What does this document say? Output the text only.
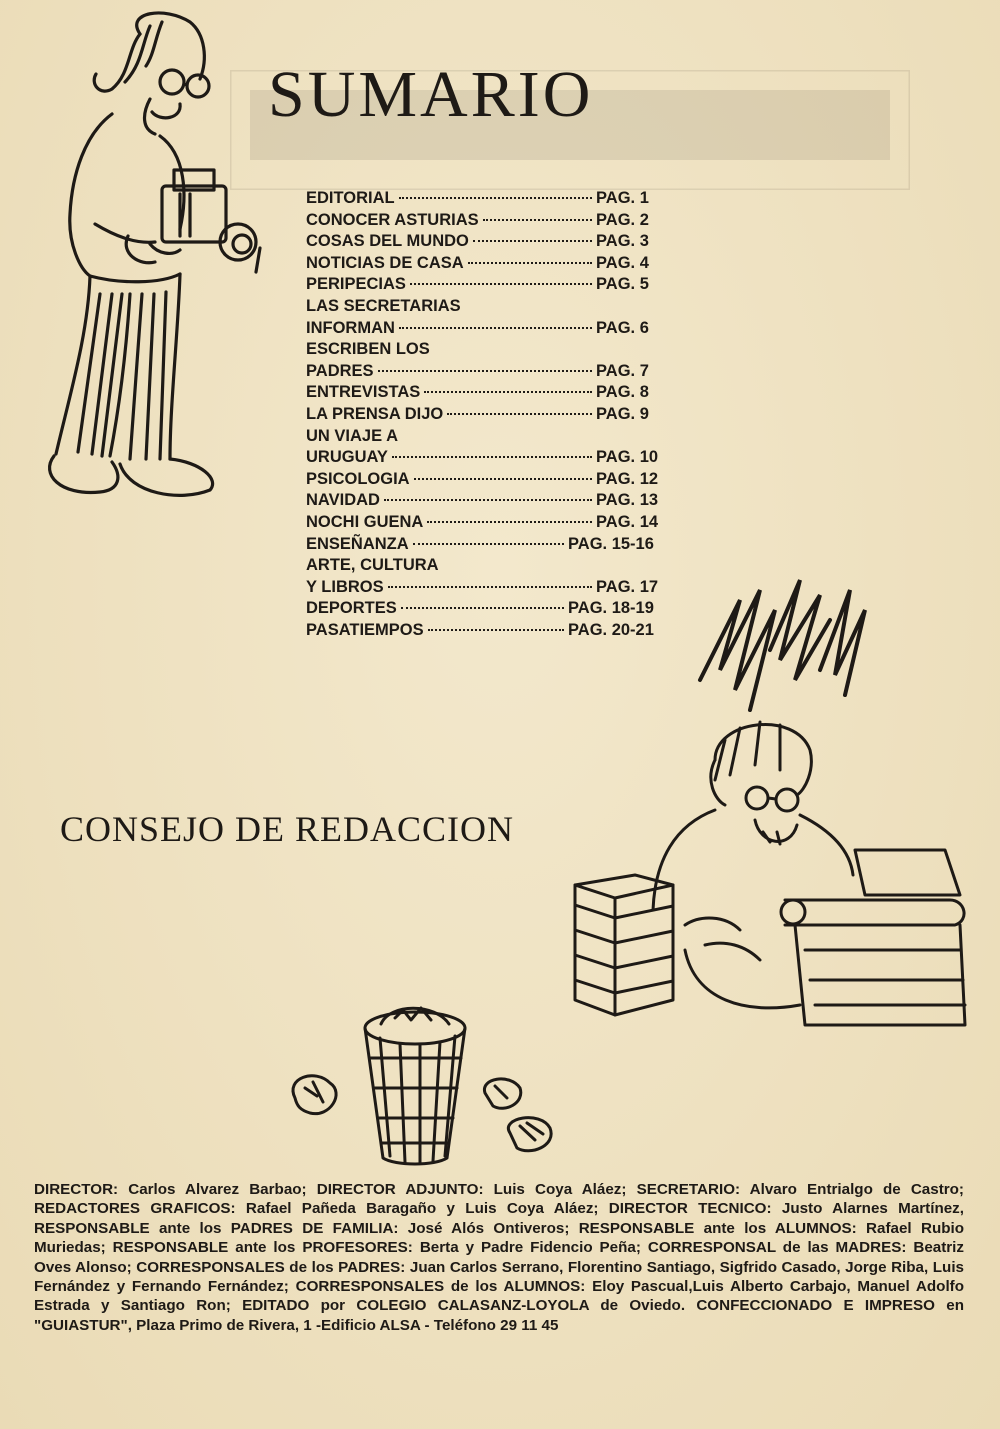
SUMARIO
EDITORIAL	PAG. 1
CONOCER ASTURIAS	PAG. 2
COSAS DEL MUNDO	PAG. 3
NOTICIAS DE CASA	PAG. 4
PERIPECIAS	PAG. 5
LAS SECRETARIAS
INFORMAN	PAG. 6
ESCRIBEN LOS
PADRES	PAG. 7
ENTREVISTAS	PAG. 8
LA PRENSA DIJO	PAG. 9
UN VIAJE A
URUGUAY	PAG. 10
PSICOLOGIA	PAG. 12
NAVIDAD	PAG. 13
NOCHI GUENA	PAG. 14
ENSEÑANZA	PAG. 15-16
ARTE, CULTURA
Y LIBROS	PAG. 17
DEPORTES	PAG. 18-19
PASATIEMPOS	PAG. 20-21
CONSEJO DE REDACCION

DIRECTOR: Carlos Alvarez Barbao; DIRECTOR ADJUNTO: Luis Coya Aláez; SECRETARIO: Alvaro Entrialgo de Castro; REDACTORES GRAFICOS: Rafael Pañeda Baragaño y Luis Coya Aláez; DIRECTOR TECNICO: Justo Alarnes Martínez, RESPONSABLE ante los PADRES DE FAMILIA: José Alós Ontiveros; RESPONSABLE ante los ALUMNOS: Rafael Rubio Muriedas; RESPONSABLE ante los PROFESORES: Berta y Padre Fidencio Peña; CORRESPONSAL de las MADRES: Beatriz Oves Alonso; CORRESPONSALES de los PADRES: Juan Carlos Serrano, Florentino Santiago, Sigfrido Casado, Jorge Riba, Luis Fernández y Fernando Fernández; CORRESPONSALES de los ALUMNOS: Eloy Pascual,Luis Alberto Carbajo, Manuel Adolfo Estrada y Santiago Ron; EDITADO por COLEGIO CALASANZ-LOYOLA de Oviedo. CONFECCIONADO E IMPRESO en "GUIASTUR", Plaza Primo de Rivera, 1 -Edificio ALSA - Teléfono 29 11 45
